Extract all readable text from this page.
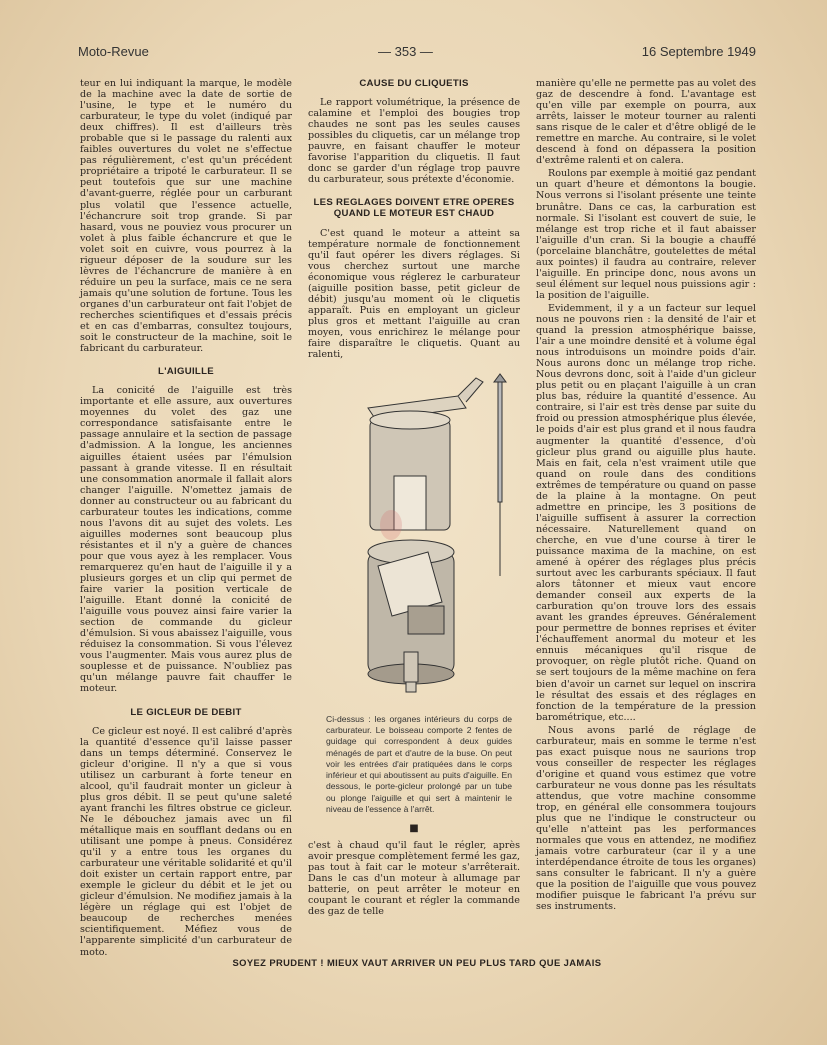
Moto-Revue	— 353 —	16 Septembre 1949

teur en lui indiquant la marque, le modèle de la machine avec la date de sortie de l'usine, le type et le numéro du carburateur, le type du volet (indiqué par deux chiffres). Il est d'ailleurs très probable que si le passage du ralenti aux faibles ouvertures du volet ne s'effectue pas régulièrement, c'est qu'un précédent propriétaire a tripoté le carburateur. Il se peut toutefois que sur une machine d'avant-guerre, réglée pour un carburant plus volatil que l'essence actuelle, l'échancrure soit trop grande. Si par hasard, vous ne pouviez vous procurer un volet à plus faible échancrure et que le volet soit en cuivre, vous pourrez à la rigueur déposer de la soudure sur les lèvres de l'échancrure de manière à en réduire un peu la surface, mais ce ne sera jamais qu'une solution de fortune. Tous les organes d'un carburateur ont fait l'objet de recherches scientifiques et d'essais précis et en cas d'embarras, consultez toujours, soit le constructeur de la machine, soit le fabricant du carburateur.

L'AIGUILLE

La conicité de l'aiguille est très importante et elle assure, aux ouvertures moyennes du volet des gaz une correspondance satisfaisante entre le passage annulaire et la section de passage d'admission. A la longue, les anciennes aiguilles étaient usées par l'émulsion passant à grande vitesse. Il en résultait une consommation anormale il fallait alors changer l'aiguille. N'omettez jamais de donner au constructeur ou au fabricant du carburateur toutes les indications, comme nous l'avons dit au sujet des volets. Les aiguilles modernes sont beaucoup plus résistantes et il n'y a guère de chances pour que vous ayez à les remplacer. Vous remarquerez qu'en haut de l'aiguille il y a plusieurs gorges et un clip qui permet de faire varier la position verticale de l'aiguille. Etant donné la conicité de l'aiguille vous pouvez ainsi faire varier la section de commande du gicleur d'émulsion. Si vous abaissez l'aiguille, vous réduisez la consommation. Si vous l'élevez vous l'augmenter. Mais vous aurez plus de souplesse et de puissance. N'oubliez pas qu'un mélange pauvre fait chauffer le moteur.

LE GICLEUR DE DEBIT

Ce gicleur est noyé. Il est calibré d'après la quantité d'essence qu'il laisse passer dans un temps déterminé. Conservez le gicleur d'origine. Il n'y a que si vous utilisez un carburant à forte teneur en alcool, qu'il faudrait monter un gicleur à plus gros débit. Il se peut qu'une saleté ayant franchi les filtres obstrue ce gicleur. Ne le débouchez jamais avec un fil métallique mais en soufflant dedans ou en utilisant une pompe à pneus. Considérez qu'il y a entre tous les organes du carburateur une véritable solidarité et qu'il doit exister un certain rapport entre, par exemple le gicleur du débit et le jet ou gicleur d'émulsion. Ne modifiez jamais à la légère un réglage qui est l'objet de beaucoup de recherches menées scientifiquement. Méfiez vous de l'apparente simplicité d'un carburateur de moto.

CAUSE DU CLIQUETIS

Le rapport volumétrique, la présence de calamine et l'emploi des bougies trop chaudes ne sont pas les seules causes possibles du cliquetis, car un mélange trop pauvre, en faisant chauffer le moteur favorise l'apparition du cliquetis. Il faut donc se garder d'un réglage trop pauvre du carburateur, sous prétexte d'économie.

LES REGLAGES DOIVENT ETRE OPERES QUAND LE MOTEUR EST CHAUD

C'est quand le moteur a atteint sa température normale de fonctionnement qu'il faut opérer les divers réglages. Si vous cherchez surtout une marche économique vous réglerez le carburateur (aiguille position basse, petit gicleur de débit) jusqu'au moment où le cliquetis apparaît. Puis en employant un gicleur plus gros et mettant l'aiguille au cran moyen, vous enrichirez le mélange pour faire disparaître le cliquetis. Quant au ralenti,

Ci-dessus : les organes intérieurs du corps de carburateur. Le boisseau comporte 2 fentes de guidage qui correspondent à deux guides ménagés de part et d'autre de la buse. On peut voir les entrées d'air pratiquées dans le corps inférieur et qui aboutissent au puits d'aiguille. En dessous, le porte-gicleur prolongé par un tube ou plonge l'aiguille et qui sert à maintenir le niveau de l'essence à l'arrêt.
■

c'est à chaud qu'il faut le régler, après avoir presque complètement fermé les gaz, pas tout à fait car le moteur s'arrêterait. Dans le cas d'un moteur à allumage par batterie, on peut arrêter le moteur en coupant le courant et régler la commande des gaz de telle

manière qu'elle ne permette pas au volet des gaz de descendre à fond. L'avantage est qu'en ville par exemple on pourra, aux arrêts, laisser le moteur tourner au ralenti sans risque de le caler et d'être obligé de le remettre en marche. Au contraire, si le volet descend à fond on dépassera la position d'extrême ralenti et on calera.

Roulons par exemple à moitié gaz pendant un quart d'heure et démontons la bougie. Nous verrons si l'isolant présente une teinte brunâtre. Dans ce cas, la carburation est normale. Si l'isolant est couvert de suie, le mélange est trop riche et il faut abaisser l'aiguille d'un cran. Si la bougie a chauffé (porcelaine blanchâtre, goutelettes de métal aux pointes) il faudra au contraire, relever l'aiguille. En principe donc, nous avons un seul élément sur lequel nous puissions agir : la position de l'aiguille.

Evidemment, il y a un facteur sur lequel nous ne pouvons rien : la densité de l'air et quand la pression atmosphérique baisse, l'air a une moindre densité et à volume égal nous introduisons un moindre poids d'air. Nous aurons donc un mélange trop riche. Nous devrons donc, soit à l'aide d'un gicleur plus petit ou en plaçant l'aiguille à un cran plus bas, réduire la quantité d'essence. Au contraire, si l'air est très dense par suite du froid ou pression atmosphérique plus élevée, le poids d'air est plus grand et il nous faudra augmenter la quantité d'essence, d'où gicleur plus grand ou aiguille plus haute. Mais en fait, cela n'est vraiment utile que quand on roule dans des conditions extrêmes de température ou quand on passe de la plaine à la montagne. On peut admettre en principe, les 3 positions de l'aiguille suffisent à assurer la correction nécessaire. Naturellement quand on cherche, en vue d'une course à tirer le puissance maxima de la machine, on est amené à opérer des réglages plus précis surtout avec les carburants spéciaux. Il faut alors tâtonner et mieux vaut encore demander conseil aux experts de la carburation qu'on trouve lors des essais avant les grandes épreuves. Généralement pour permettre de bonnes reprises et éviter l'échauffement anormal du moteur et les ennuis mécaniques qu'il risque de provoquer, on règle plutôt riche. Quand on se sert toujours de la même machine on fera bien d'avoir un carnet sur lequel on inscrira le résultat des essais et des réglages en fonction de la température de la pression barométrique, etc....

Nous avons parlé de réglage de carburateur, mais en somme le terme n'est pas exact puisque nous ne saurions trop vous conseiller de respecter les réglages d'origine et quand vous estimez que votre carburateur ne vous donne pas les résultats attendus, que votre machine consomme trop, en général elle consommera toujours plus que ne l'indique le constructeur ou qu'elle n'atteint pas les performances normales que vous en attendez, ne modifiez jamais votre carburateur (car il y a une interdépendance étroite de tous les organes) sans consulter le fabricant. Il n'y a guère que la position de l'aiguille que vous pouvez modifier puisque le fabricant l'a prévu sur ses instruments.

SOYEZ PRUDENT ! MIEUX VAUT ARRIVER UN PEU PLUS TARD QUE JAMAIS
